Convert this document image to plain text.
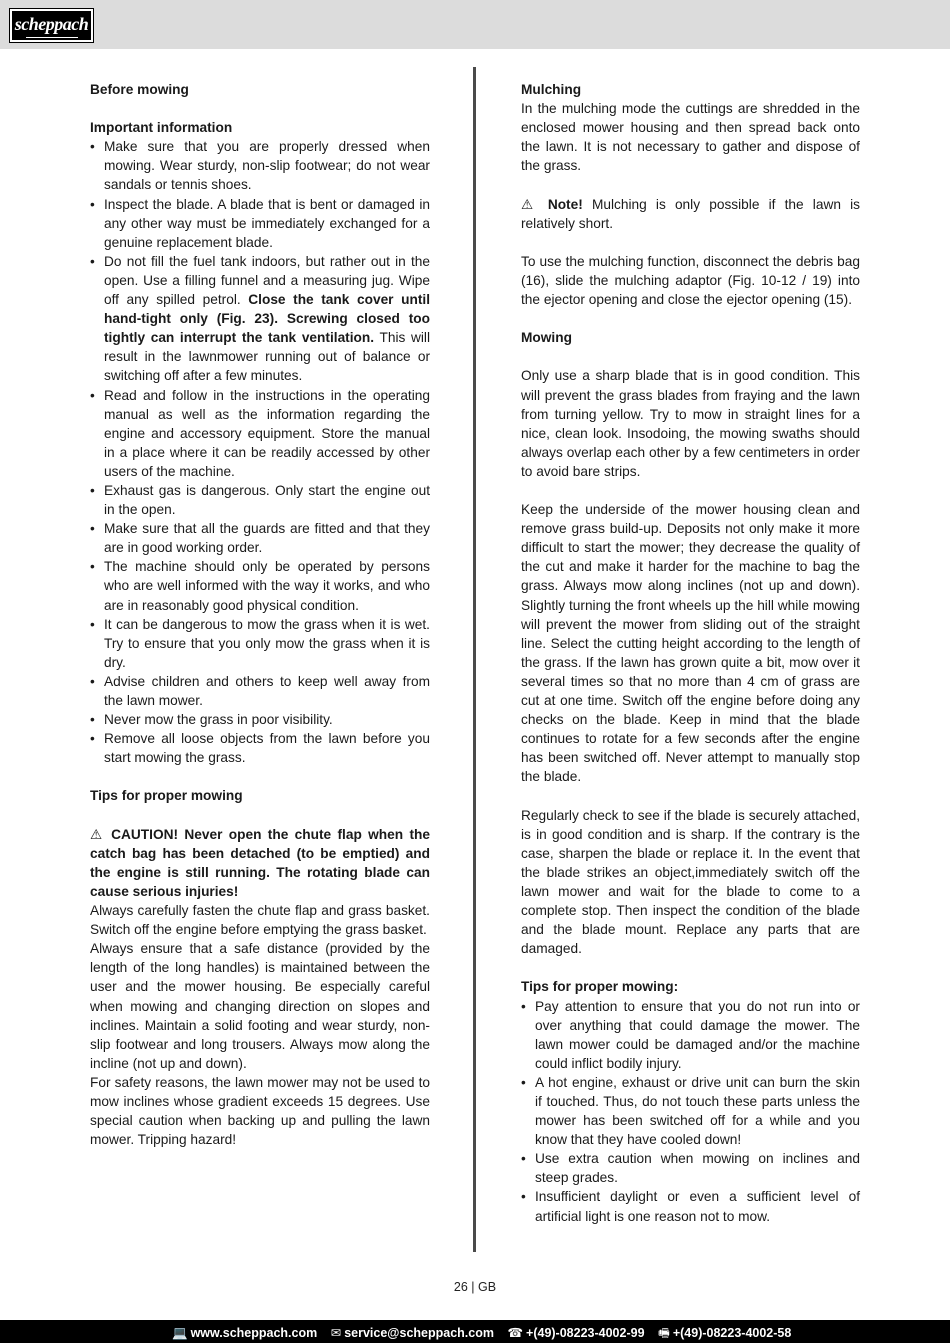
scheppach
Before mowing
Important information
• Make sure that you are properly dressed when mowing. Wear sturdy, non-slip footwear; do not wear sandals or tennis shoes.
• Inspect the blade. A blade that is bent or damaged in any other way must be immediately exchanged for a genuine replacement blade.
• Do not fill the fuel tank indoors, but rather out in the open. Use a filling funnel and a measuring jug. Wipe off any spilled petrol. Close the tank cover until hand-tight only (Fig. 23). Screwing closed too tightly can interrupt the tank ventilation. This will result in the lawnmower running out of balance or switching off after a few minutes.
• Read and follow in the instructions in the operating manual as well as the information regarding the engine and accessory equipment. Store the manual in a place where it can be readily accessed by other users of the machine.
• Exhaust gas is dangerous. Only start the engine out in the open.
• Make sure that all the guards are fitted and that they are in good working order.
• The machine should only be operated by persons who are well informed with the way it works, and who are in reasonably good physical condition.
• It can be dangerous to mow the grass when it is wet. Try to ensure that you only mow the grass when it is dry.
• Advise children and others to keep well away from the lawn mower.
• Never mow the grass in poor visibility.
• Remove all loose objects from the lawn before you start mowing the grass.
Tips for proper mowing
⚠ CAUTION! Never open the chute flap when the catch bag has been detached (to be emptied) and the engine is still running. The rotating blade can cause serious injuries!
Always carefully fasten the chute flap and grass basket. Switch off the engine before emptying the grass basket.
Always ensure that a safe distance (provided by the length of the long handles) is maintained between the user and the mower housing. Be especially careful when mowing and changing direction on slopes and inclines. Maintain a solid footing and wear sturdy, non-slip footwear and long trousers. Always mow along the incline (not up and down).
For safety reasons, the lawn mower may not be used to mow inclines whose gradient exceeds 15 degrees. Use special caution when backing up and pulling the lawn mower. Tripping hazard!
Mulching
In the mulching mode the cuttings are shredded in the enclosed mower housing and then spread back onto the lawn. It is not necessary to gather and dispose of the grass.
⚠ Note! Mulching is only possible if the lawn is relatively short.
To use the mulching function, disconnect the debris bag (16), slide the mulching adaptor (Fig. 10-12 / 19) into the ejector opening and close the ejector opening (15).
Mowing
Only use a sharp blade that is in good condition. This will prevent the grass blades from fraying and the lawn from turning yellow. Try to mow in straight lines for a nice, clean look. Insodoing, the mowing swaths should always overlap each other by a few centimeters in order to avoid bare strips.
Keep the underside of the mower housing clean and remove grass build-up. Deposits not only make it more difficult to start the mower; they decrease the quality of the cut and make it harder for the machine to bag the grass. Always mow along inclines (not up and down). Slightly turning the front wheels up the hill while mowing will prevent the mower from sliding out of the straight line. Select the cutting height according to the length of the grass. If the lawn has grown quite a bit, mow over it several times so that no more than 4 cm of grass are cut at one time. Switch off the engine before doing any checks on the blade. Keep in mind that the blade continues to rotate for a few seconds after the engine has been switched off. Never attempt to manually stop the blade.
Regularly check to see if the blade is securely attached, is in good condition and is sharp. If the contrary is the case, sharpen the blade or replace it. In the event that the blade strikes an object,immediately switch off the lawn mower and wait for the blade to come to a complete stop. Then inspect the condition of the blade and the blade mount. Replace any parts that are damaged.
Tips for proper mowing:
• Pay attention to ensure that you do not run into or over anything that could damage the mower. The lawn mower could be damaged and/or the machine could inflict bodily injury.
• A hot engine, exhaust or drive unit can burn the skin if touched. Thus, do not touch these parts unless the mower has been switched off for a while and you know that they have cooled down!
• Use extra caution when mowing on inclines and steep grades.
• Insufficient daylight or even a sufficient level of artificial light is one reason not to mow.
26 | GB
💻 www.scheppach.com ✉ service@scheppach.com ☎ +(49)-08223-4002-99 🖷 +(49)-08223-4002-58
